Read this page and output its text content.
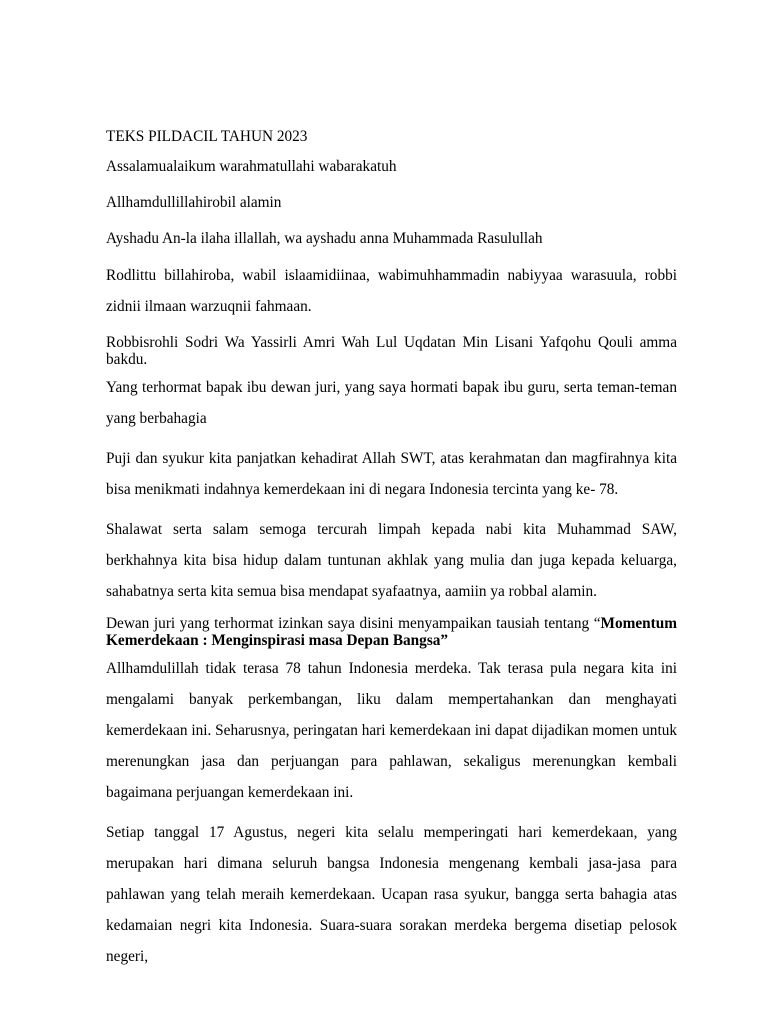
TEKS PILDACIL TAHUN 2023

Assalamualaikum warahmatullahi wabarakatuh

Allhamdullillahirobil alamin

Ayshadu An-la ilaha illallah, wa ayshadu anna Muhammada Rasulullah

Rodlittu billahiroba, wabil islaamidiinaa, wabimuhhammadin nabiyyaa warasuula, robbi zidnii ilmaan warzuqnii fahmaan.

Robbisrohli Sodri Wa Yassirli Amri Wah Lul Uqdatan Min Lisani Yafqohu Qouli amma bakdu.

Yang terhormat bapak ibu dewan juri, yang saya hormati bapak ibu guru, serta teman-teman yang berbahagia

Puji dan syukur kita panjatkan kehadirat Allah SWT, atas kerahmatan dan magfirahnya kita bisa menikmati indahnya kemerdekaan ini di negara Indonesia tercinta yang ke- 78.

Shalawat serta salam semoga tercurah limpah kepada nabi kita Muhammad SAW, berkhahnya kita bisa hidup dalam tuntunan akhlak yang mulia dan juga kepada keluarga, sahabatnya serta kita semua bisa mendapat syafaatnya, aamiin ya robbal alamin.

Dewan juri yang terhormat izinkan saya disini menyampaikan tausiah tentang “Momentum Kemerdekaan : Menginspirasi masa Depan Bangsa”

Allhamdulillah tidak terasa 78 tahun Indonesia merdeka. Tak terasa pula negara kita ini mengalami banyak perkembangan, liku dalam mempertahankan dan menghayati kemerdekaan ini. Seharusnya, peringatan hari kemerdekaan ini dapat dijadikan momen untuk merenungkan jasa dan perjuangan para pahlawan, sekaligus merenungkan kembali bagaimana perjuangan kemerdekaan ini.

Setiap tanggal 17 Agustus, negeri kita selalu memperingati hari kemerdekaan, yang merupakan hari dimana seluruh bangsa Indonesia mengenang kembali jasa-jasa para pahlawan yang telah meraih kemerdekaan. Ucapan rasa syukur, bangga serta bahagia atas kedamaian negri kita Indonesia. Suara-suara sorakan merdeka bergema disetiap pelosok negeri,
